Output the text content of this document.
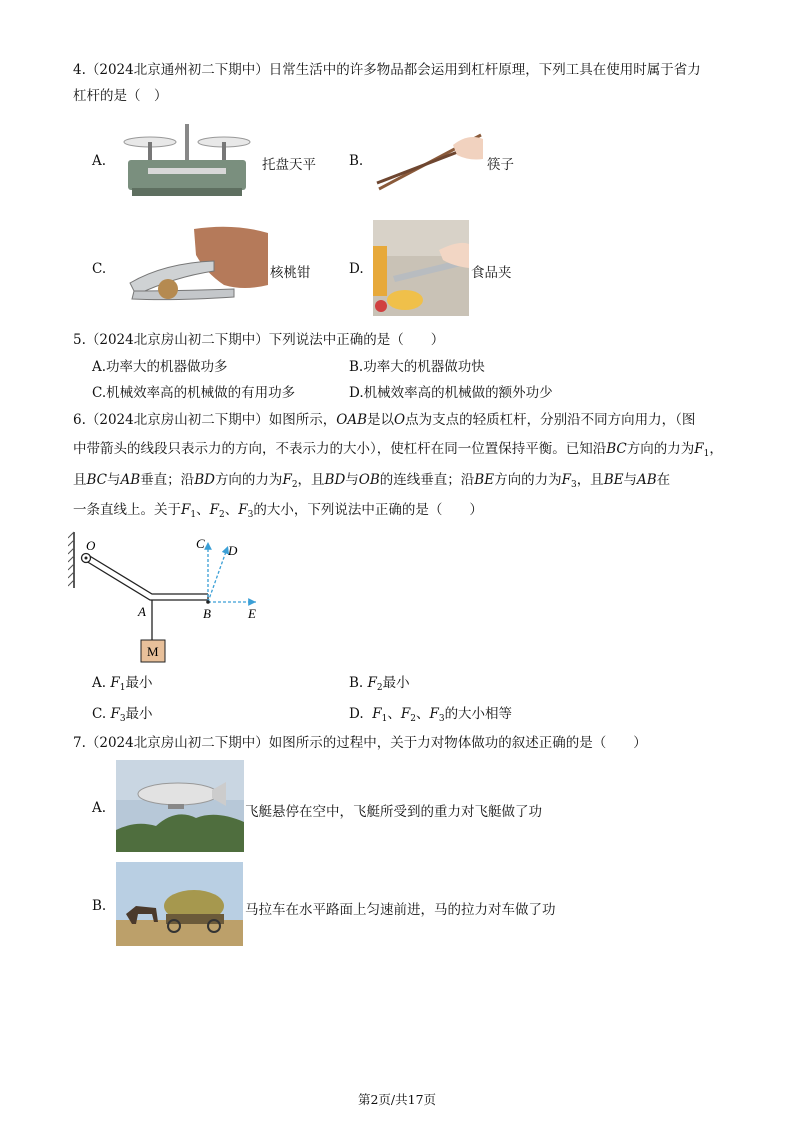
4.（2024北京通州初二下期中）日常生活中的许多物品都会运用到杠杆原理，下列工具在使用时属于省力
杠杆的是（　）
A.	托盘天平 B.	筷子
C.	核桃钳	D.	食品夹
5.（2024北京房山初二下期中）下列说法中正确的是（　　）
A.功率大的机器做功多	B.功率大的机器做功快
C.机械效率高的机械做的有用功多	D.机械效率高的机械做的额外功少
6.（2024北京房山初二下期中）如图所示，OAB是以O点为支点的轻质杠杆，分别沿不同方向用力，（图
中带箭头的线段只表示力的方向，不表示力的大小），使杠杆在同一位置保持平衡。已知沿BC方向的力为$F_1$，
且BC与AB垂直；沿BD方向的力为$F_2$，且BD与OB的连线垂直；沿BE方向的力为$F_3$，且BE与AB在
一条直线上。关于$F_1$、$F_2$、$F_3$的大小，下列说法中正确的是（　　）
O
A	B
C D
E
M
A. $F_1$最小	B. $F_2$最小
C. $F_3$最小	D. $F_1$、$F_2$、$F_3$的大小相等
7.（2024北京房山初二下期中）如图所示的过程中，关于力对物体做功的叙述正确的是（　　）
A.	飞艇悬停在空中，飞艇所受到的重力对飞艇做了功
B.	马拉车在水平路面上匀速前进，马的拉力对车做了功
第2页/共17页
